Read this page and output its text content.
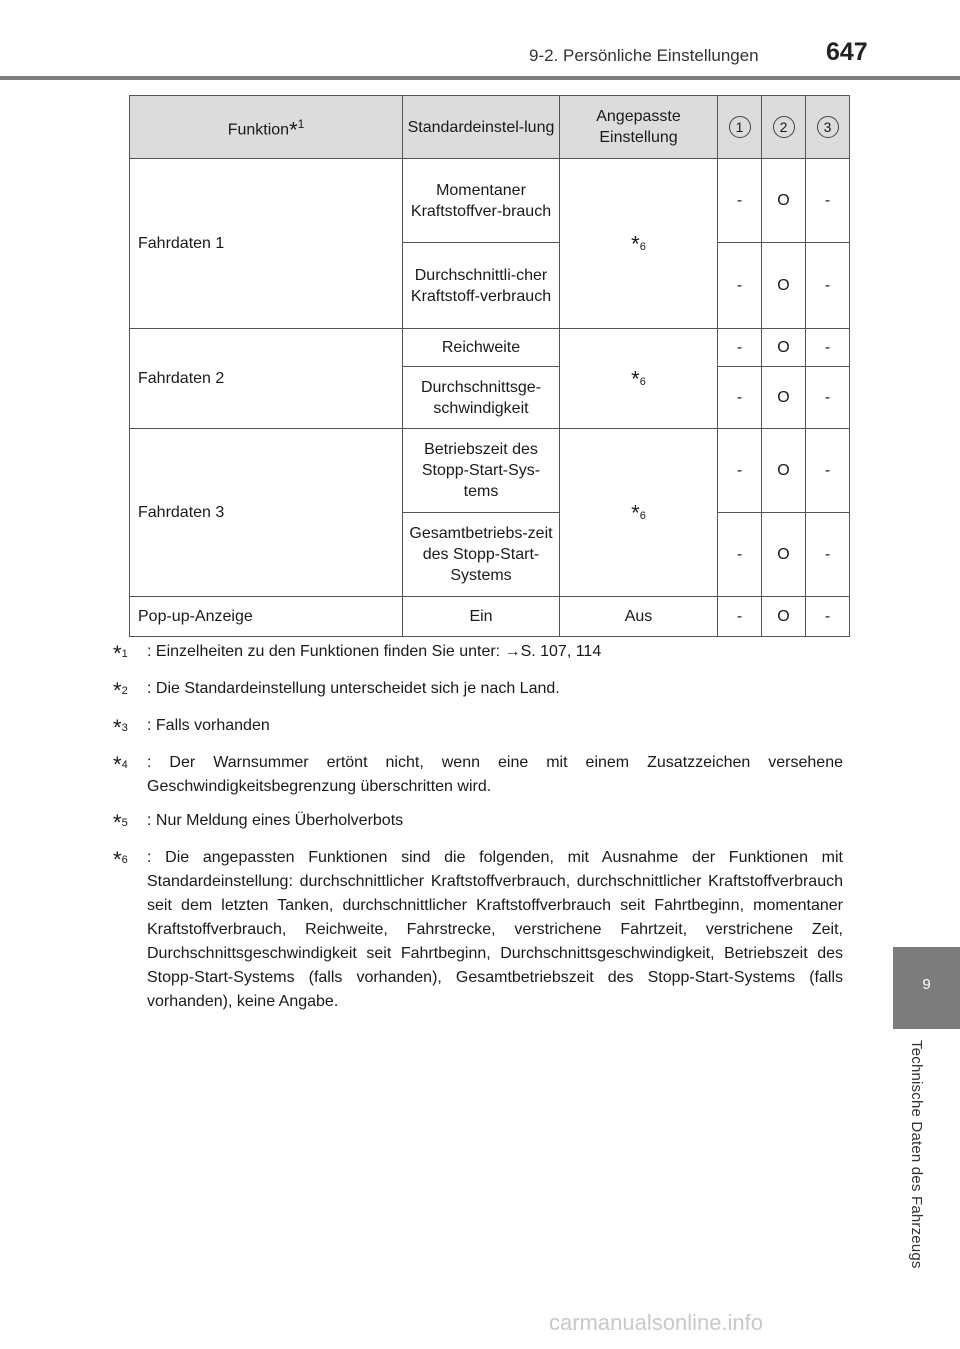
9-2. Persönliche Einstellungen	647
9
Technische Daten des Fahrzeugs
Funktion*$^1$	Standardeinstel-lung	Angepasste Einstellung	1	2	3
Fahrdaten 1	Momentaner Kraftstoffver-brauch	*$^6$	-	O	-
	Durchschnittli-cher Kraftstoff-verbrauch		-	O	-
Fahrdaten 2	Reichweite	*$^6$	-	O	-
	Durchschnittsge-schwindigkeit		-	O	-
Fahrdaten 3	Betriebszeit des Stopp-Start-Sys-tems	*$^6$	-	O	-
	Gesamtbetriebs-zeit des Stopp-Start-Systems		-	O	-
Pop-up-Anzeige	Ein	Aus	-	O	-
*$^1$	: Einzelheiten zu den Funktionen finden Sie unter: →S. 107, 114
*$^2$	: Die Standardeinstellung unterscheidet sich je nach Land.
*$^3$	: Falls vorhanden
*$^4$	: Der Warnsummer ertönt nicht, wenn eine mit einem Zusatzzeichen versehene Geschwindigkeitsbegrenzung überschritten wird.
*$^5$	: Nur Meldung eines Überholverbots
*$^6$	: Die angepassten Funktionen sind die folgenden, mit Ausnahme der Funktionen mit Standardeinstellung: durchschnittlicher Kraftstoffverbrauch, durchschnittlicher Kraftstoffverbrauch seit dem letzten Tanken, durchschnittlicher Kraftstoffverbrauch seit Fahrtbeginn, momentaner Kraftstoffverbrauch, Reichweite, Fahrstrecke, verstrichene Fahrtzeit, verstrichene Zeit, Durchschnittsgeschwindigkeit seit Fahrtbeginn, Durchschnittsgeschwindigkeit, Betriebszeit des Stopp-Start-Systems (falls vorhanden), Gesamtbetriebszeit des Stopp-Start-Systems (falls vorhanden), keine Angabe.
carmanualsonline.info
